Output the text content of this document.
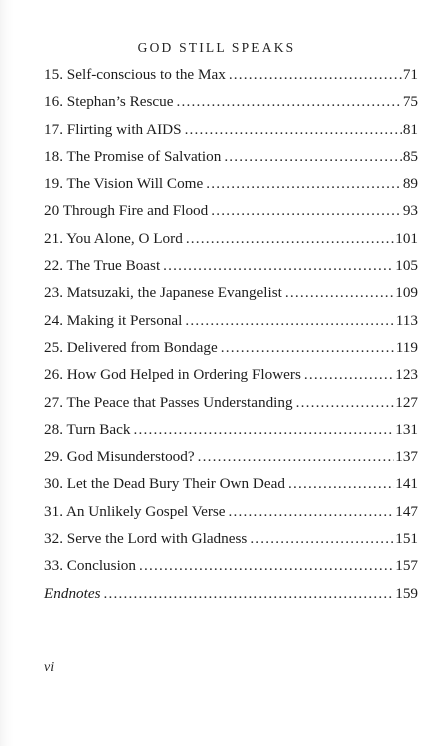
GOD STILL SPEAKS
15. Self-conscious to the Max .....	71
16. Stephan’s Rescue .....	75
17. Flirting with AIDS .....	81
18. The Promise of Salvation .....	85
19. The Vision Will Come .....	89
20 Through Fire and Flood .....	93
21. You Alone, O Lord .....	101
22. The True Boast .....	105
23. Matsuzaki, the Japanese Evangelist .....	109
24. Making it Personal .....	113
25. Delivered from Bondage .....	119
26. How God Helped in Ordering Flowers .....	123
27. The Peace that Passes Understanding .....	127
28. Turn Back .....	131
29. God Misunderstood? .....	137
30. Let the Dead Bury Their Own Dead .....	141
31. An Unlikely Gospel Verse .....	147
32. Serve the Lord with Gladness .....	151
33. Conclusion .....	157
Endnotes .....	159
vi
